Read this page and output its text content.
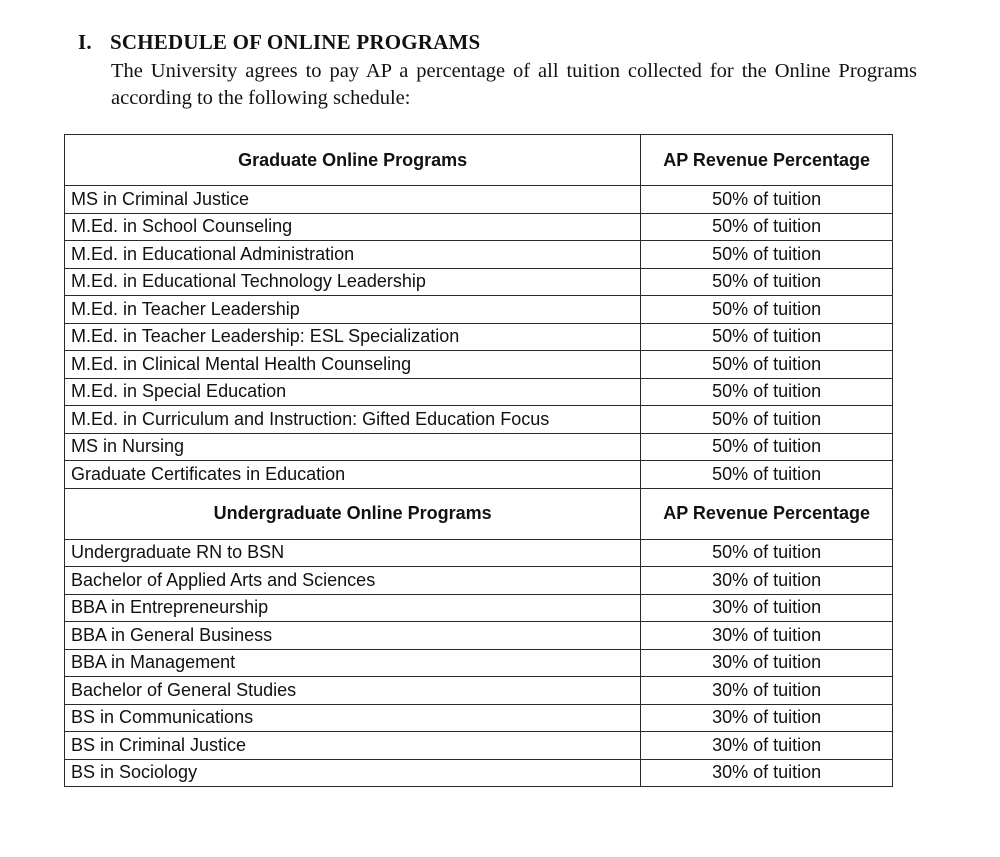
I. SCHEDULE OF ONLINE PROGRAMS
The University agrees to pay AP a percentage of all tuition collected for the Online Programs according to the following schedule:
Graduate Online Programs	AP Revenue Percentage
MS in Criminal Justice	50% of tuition
M.Ed. in School Counseling	50% of tuition
M.Ed. in Educational Administration	50% of tuition
M.Ed. in Educational Technology Leadership	50% of tuition
M.Ed. in Teacher Leadership	50% of tuition
M.Ed. in Teacher Leadership: ESL Specialization	50% of tuition
M.Ed. in Clinical Mental Health Counseling	50% of tuition
M.Ed. in Special Education	50% of tuition
M.Ed. in Curriculum and Instruction: Gifted Education Focus	50% of tuition
MS in Nursing	50% of tuition
Graduate Certificates in Education	50% of tuition
Undergraduate Online Programs	AP Revenue Percentage
Undergraduate RN to BSN	50% of tuition
Bachelor of Applied Arts and Sciences	30% of tuition
BBA in Entrepreneurship	30% of tuition
BBA in General Business	30% of tuition
BBA in Management	30% of tuition
Bachelor of General Studies	30% of tuition
BS in Communications	30% of tuition
BS in Criminal Justice	30% of tuition
BS in Sociology	30% of tuition
